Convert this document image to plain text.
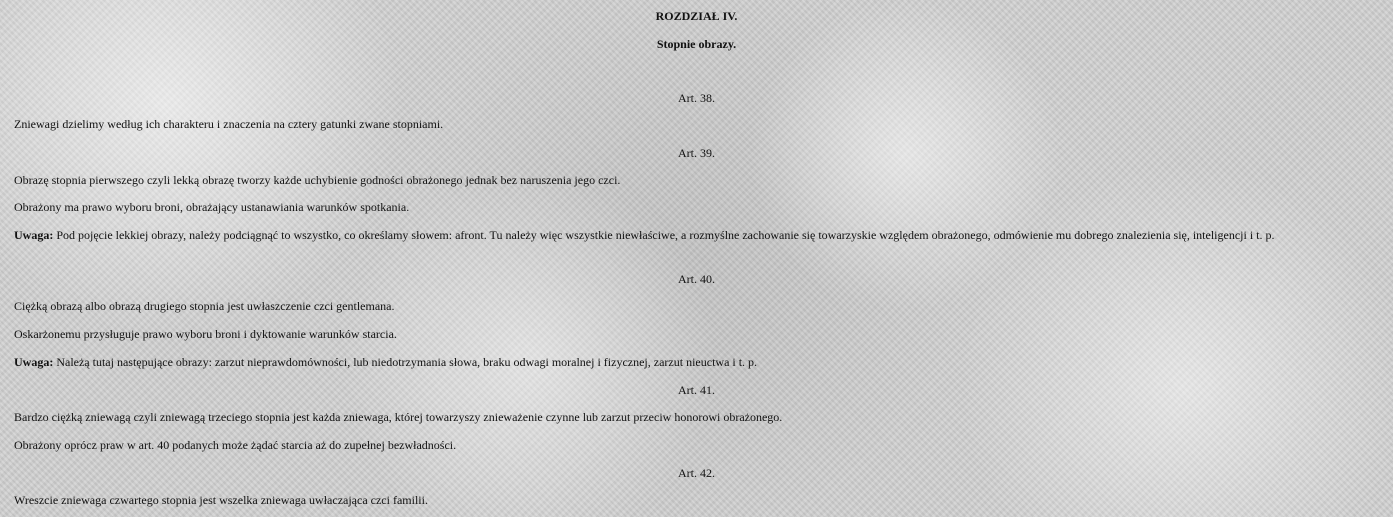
ROZDZIAŁ IV.
Stopnie obrazy.
Art. 38.
Zniewagi dzielimy według ich charakteru i znaczenia na cztery gatunki zwane stopniami.
Art. 39.
Obrazę stopnia pierwszego czyli lekką obrazę tworzy każde uchybienie godności obrażonego jednak bez naruszenia jego czci.
Obrażony ma prawo wyboru broni, obrażający ustanawiania warunków spotkania.
Uwaga: Pod pojęcie lekkiej obrazy, należy podciągnąć to wszystko, co określamy słowem: afront. Tu należy więc wszystkie niewłaściwe, a rozmyślne zachowanie się towarzyskie względem obrażonego, odmówienie mu dobrego znalezienia się, inteligencji i t. p.
Art. 40.
Ciężką obrazą albo obrazą drugiego stopnia jest uwłaszczenie czci gentlemana.
Oskarżonemu przysługuje prawo wyboru broni i dyktowanie warunków starcia.
Uwaga: Należą tutaj następujące obrazy: zarzut nieprawdomówności, lub niedotrzymania słowa, braku odwagi moralnej i fizycznej, zarzut nieuctwa i t. p.
Art. 41.
Bardzo ciężką zniewagą czyli zniewagą trzeciego stopnia jest każda zniewaga, której towarzyszy znieważenie czynne lub zarzut przeciw honorowi obrażonego.
Obrażony oprócz praw w art. 40 podanych może żądać starcia aż do zupełnej bezwładności.
Art. 42.
Wreszcie zniewaga czwartego stopnia jest wszelka zniewaga uwłaczająca czci familii.
